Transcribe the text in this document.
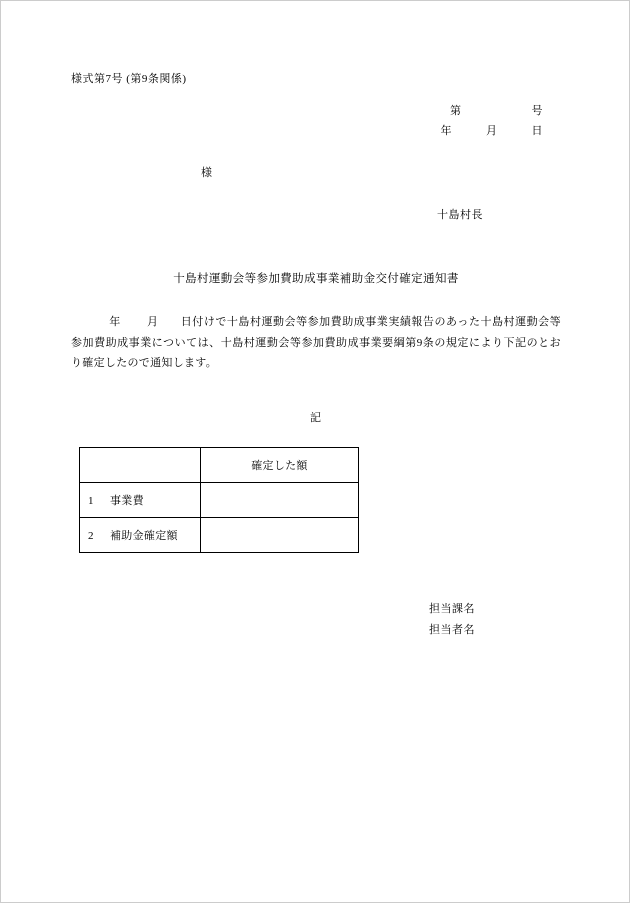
様式第7号 (第9条関係)
第	号
年	月	日
様
十島村長
十島村運動会等参加費助成事業補助金交付確定通知書
年 月 日付けで十島村運動会等参加費助成事業実績報告のあった十島村運動会等参加費助成事業については、十島村運動会等参加費助成事業要綱第9条の規定により下記のとおり確定したので通知します。
記
	確定した額
1 事業費	
2 補助金確定額	
担当課名
担当者名
